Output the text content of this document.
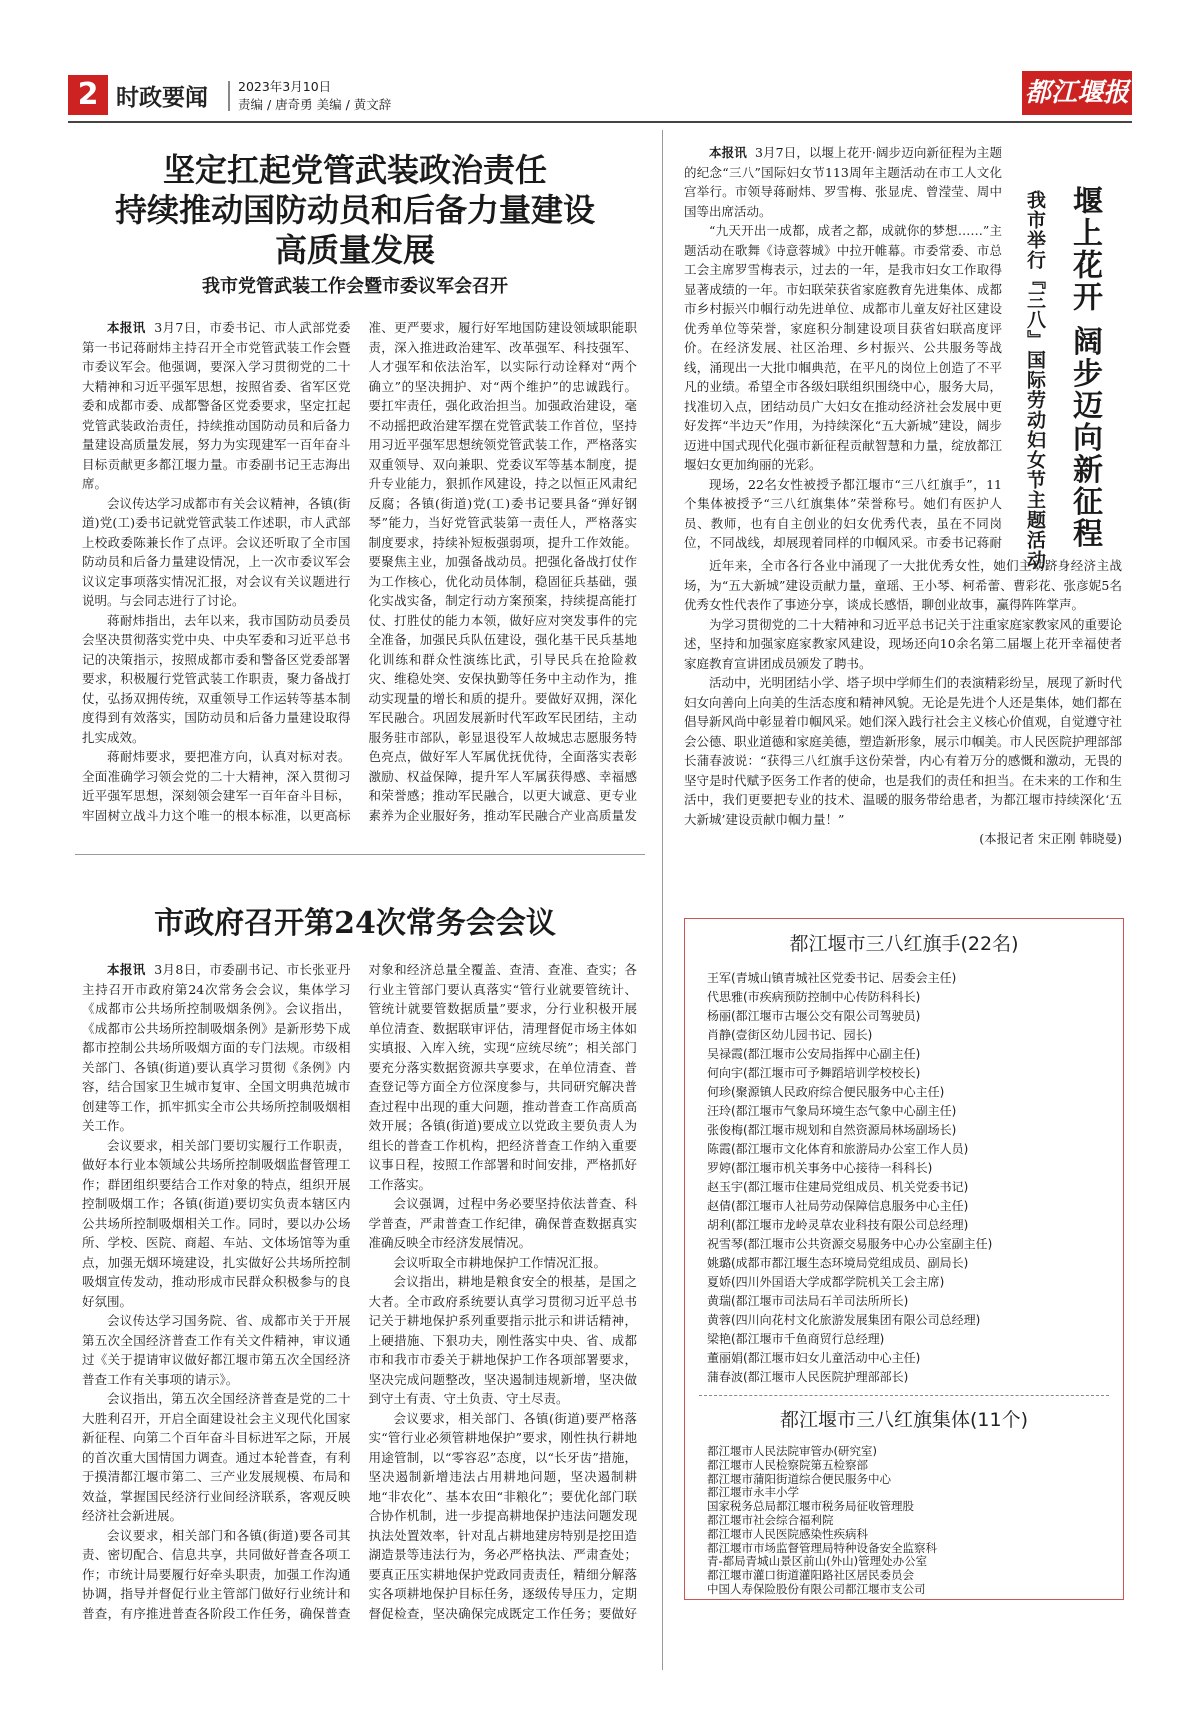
2 时政要闻 2023年3月10日
责编 / 唐奇勇 美编 / 黄文辞	都江堰报
坚定扛起党管武装政治责任
持续推动国防动员和后备力量建设
高质量发展
我市党管武装工作会暨市委议军会召开

本报讯 3月7日，市委书记、市人武部党委第一书记蒋耐炜主持召开全市党管武装工作会暨市委议军会。他强调，要深入学习贯彻党的二十大精神和习近平强军思想，按照省委、省军区党委和成都市委、成都警备区党委要求，坚定扛起党管武装政治责任，持续推动国防动员和后备力量建设高质量发展，努力为实现建军一百年奋斗目标贡献更多都江堰力量。市委副书记王志海出席。

会议传达学习成都市有关会议精神，各镇(街道)党(工)委书记就党管武装工作述职，市人武部上校政委陈兼长作了点评。会议还听取了全市国防动员和后备力量建设情况，上一次市委议军会议议定事项落实情况汇报，对会议有关议题进行说明。与会同志进行了讨论。

蒋耐炜指出，去年以来，我市国防动员委员会坚决贯彻落实党中央、中央军委和习近平总书记的决策指示，按照成都市委和警备区党委部署要求，积极履行党管武装工作职责，聚力备战打仗，弘扬双拥传统，双重领导工作运转等基本制度得到有效落实，国防动员和后备力量建设取得扎实成效。

蒋耐炜要求，要把准方向，认真对标对表。全面准确学习领会党的二十大精神，深入贯彻习近平强军思想，深刻领会建军一百年奋斗目标，牢固树立战斗力这个唯一的根本标准，以更高标准、更严要求，履行好军地国防建设领域职能职责，深入推进政治建军、改革强军、科技强军、人才强军和依法治军，以实际行动诠释对“两个确立”的坚决拥护、对“两个维护”的忠诚践行。要扛牢责任，强化政治担当。加强政治建设，毫不动摇把政治建军摆在党管武装工作首位，坚持用习近平强军思想统领党管武装工作，严格落实双重领导、双向兼职、党委议军等基本制度，提升专业能力，狠抓作风建设，持之以恒正风肃纪反腐；各镇(街道)党(工)委书记要具备“弹好钢琴”能力，当好党管武装第一责任人，严格落实制度要求，持续补短板强弱项，提升工作效能。要聚焦主业，加强备战动员。把强化备战打仗作为工作核心，优化动员体制，稳固征兵基础，强化实战实备，制定行动方案预案，持续提高能打仗、打胜仗的能力本领，做好应对突发事件的完全准备，加强民兵队伍建设，强化基干民兵基地化训练和群众性演练比武，引导民兵在抢险救灾、维稳处突、安保执勤等任务中主动作为，推动实现量的增长和质的提升。要做好双拥，深化军民融合。巩固发展新时代军政军民团结，主动服务驻市部队，彰显退役军人故城忠志愿服务特色亮点，做好军人军属优抚优待，全面落实表彰激励、权益保障，提升军人军属获得感、幸福感和荣誉感；推动军民融合，以更大诚意、更专业素养为企业服好务，推动军民融合产业高质量发

市政府召开第24次常务会会议

本报讯 3月8日，市委副书记、市长张亚丹主持召开市政府第24次常务会会议，集体学习《成都市公共场所控制吸烟条例》。会议指出，《成都市公共场所控制吸烟条例》是新形势下成都市控制公共场所吸烟方面的专门法规。市级相关部门、各镇(街道)要认真学习贯彻《条例》内容，结合国家卫生城市复审、全国文明典范城市创建等工作，抓牢抓实全市公共场所控制吸烟相关工作。

会议要求，相关部门要切实履行工作职责，做好本行业本领域公共场所控制吸烟监督管理工作；群团组织要结合工作对象的特点，组织开展控制吸烟工作；各镇(街道)要切实负责本辖区内公共场所控制吸烟相关工作。同时，要以办公场所、学校、医院、商超、车站、文体场馆等为重点，加强无烟环境建设，扎实做好公共场所控制吸烟宣传发动，推动形成市民群众积极参与的良好氛围。

会议传达学习国务院、省、成都市关于开展第五次全国经济普查工作有关文件精神，审议通过《关于提请审议做好都江堰市第五次全国经济普查工作有关事项的请示》。

会议指出，第五次全国经济普查是党的二十大胜利召开，开启全面建设社会主义现代化国家新征程、向第二个百年奋斗目标进军之际，开展的首次重大国情国力调查。通过本轮普查，有利于摸清都江堰市第二、三产业发展规模、布局和效益，掌握国民经济行业间经济联系，客观反映经济社会新进展。

会议要求，相关部门和各镇(街道)要各司其责、密切配合、信息共享，共同做好普查各项工作；市统计局要履行好牵头职责，加强工作沟通协调，指导并督促行业主管部门做好行业统计和普查，有序推进普查各阶段工作任务，确保普查对象和经济总量全覆盖、查清、查准、查实；各行业主管部门要认真落实“管行业就要管统计、管统计就要管数据质量”要求，分行业积极开展单位清查、数据联审评估，清理督促市场主体如实填报、入库入统，实现“应统尽统”；相关部门要充分落实数据资源共享要求，在单位清查、普查登记等方面全方位深度参与，共同研究解决普查过程中出现的重大问题，推动普查工作高质高效开展；各镇(街道)要成立以党政主要负责人为组长的普查工作机构，把经济普查工作纳入重要议事日程，按照工作部署和时间安排，严格抓好工作落实。

会议强调，过程中务必要坚持依法普查、科学普查，严肃普查工作纪律，确保普查数据真实准确反映全市经济发展情况。

会议听取全市耕地保护工作情况汇报。

会议指出，耕地是粮食安全的根基，是国之大者。全市政府系统要认真学习贯彻习近平总书记关于耕地保护系列重要指示批示和讲话精神，上硬措施、下狠功夫，刚性落实中央、省、成都市和我市市委关于耕地保护工作各项部署要求，坚决完成问题整改，坚决遏制违规新增，坚决做到守土有责、守土负责、守土尽责。

会议要求，相关部门、各镇(街道)要严格落实“管行业必须管耕地保护”要求，刚性执行耕地用途管制，以“零容忍”态度，以“长牙齿”措施，坚决遏制新增违法占用耕地问题，坚决遏制耕地“非农化”、基本农田“非粮化”；要优化部门联合协作机制，进一步提高耕地保护违法问题发现执法处置效率，针对乱占耕地建房特别是挖田造湖造景等违法行为，务必严格执法、严肃查处；要真正压实耕地保护党政同责责任，精细分解落实各项耕地保护目标任务，逐级传导压力，定期督促检查，坚决确保完成既定工作任务；要做好

堰上花开 阔步迈向新征程
我市举行『三八』国际劳动妇女节主题活动

本报讯 3月7日，以堰上花开·阔步迈向新征程为主题的纪念“三八”国际妇女节113周年主题活动在市工人文化宫举行。市领导蒋耐炜、罗雪梅、张显虎、曾滢莹、周中国等出席活动。

“九天开出一成都，成者之都，成就你的梦想……”主题活动在歌舞《诗意蓉城》中拉开帷幕。市委常委、市总工会主席罗雪梅表示，过去的一年，是我市妇女工作取得显著成绩的一年。市妇联荣获省家庭教育先进集体、成都市乡村振兴巾帼行动先进单位、成都市儿童友好社区建设优秀单位等荣誉，家庭积分制建设项目获省妇联高度评价。在经济发展、社区治理、乡村振兴、公共服务等战线，涌现出一大批巾帼典范，在平凡的岗位上创造了不平凡的业绩。希望全市各级妇联组织围绕中心，服务大局，找准切入点，团结动员广大妇女在推动经济社会发展中更好发挥“半边天”作用，为持续深化“五大新城”建设，阔步迈进中国式现代化强市新征程贡献智慧和力量，绽放都江堰妇女更加绚丽的光彩。

现场，22名女性被授予都江堰市“三八红旗手”，11个集体被授予“三八红旗集体”荣誉称号。她们有医护人员、教师，也有自主创业的妇女优秀代表，虽在不同岗位，不同战线，却展现着同样的巾帼风采。市委书记蒋耐

近年来，全市各行各业中涌现了一大批优秀女性，她们主动跻身经济主战场，为“五大新城”建设贡献力量，童瑶、王小琴、柯希蕾、曹彩花、张彦妮5名优秀女性代表作了事迹分享，谈成长感悟，聊创业故事，赢得阵阵掌声。

为学习贯彻党的二十大精神和习近平总书记关于注重家庭家教家风的重要论述，坚持和加强家庭家教家风建设，现场还向10余名第二届堰上花开幸福使者家庭教育宣讲团成员颁发了聘书。

活动中，光明团结小学、塔子坝中学师生们的表演精彩纷呈，展现了新时代妇女向善向上向美的生活态度和精神风貌。无论是先进个人还是集体，她们都在倡导新风尚中彰显着巾帼风采。她们深入践行社会主义核心价值观，自觉遵守社会公德、职业道德和家庭美德，塑造新形象，展示巾帼美。市人民医院护理部部长蒲春波说：“获得三八红旗手这份荣誉，内心有着万分的感慨和激动，无畏的坚守是时代赋予医务工作者的使命，也是我们的责任和担当。在未来的工作和生活中，我们更要把专业的技术、温暖的服务带给患者，为都江堰市持续深化‘五大新城’建设贡献巾帼力量！”

(本报记者 宋正刚 韩晓曼)

都江堰市三八红旗手(22名)
王军(青城山镇青城社区党委书记、居委会主任)
代思雅(市疾病预防控制中心传防科科长)
杨丽(都江堰市古堰公交有限公司驾驶员)
肖静(壹街区幼儿园书记、园长)
吴禄霞(都江堰市公安局指挥中心副主任)
何向宇(都江堰市可予舞蹈培训学校校长)
何珍(聚源镇人民政府综合便民服务中心主任)
汪玲(都江堰市气象局环境生态气象中心副主任)
张俊梅(都江堰市规划和自然资源局林场副场长)
陈霞(都江堰市文化体育和旅游局办公室工作人员)
罗婷(都江堰市机关事务中心接待一科科长)
赵玉宇(都江堰市住建局党组成员、机关党委书记)
赵倩(都江堰市人社局劳动保障信息服务中心主任)
胡利(都江堰市龙岭灵草农业科技有限公司总经理)
祝雪琴(都江堰市公共资源交易服务中心办公室副主任)
姚璐(成都市都江堰生态环境局党组成员、副局长)
夏娇(四川外国语大学成都学院机关工会主席)
黄瑞(都江堰市司法局石羊司法所所长)
黄蓉(四川向花村文化旅游发展集团有限公司总经理)
梁艳(都江堰市千鱼商贸行总经理)
董丽娟(都江堰市妇女儿童活动中心主任)
蒲春波(都江堰市人民医院护理部部长)
都江堰市三八红旗集体(11个)
都江堰市人民法院审管办(研究室)
都江堰市人民检察院第五检察部
都江堰市蒲阳街道综合便民服务中心
都江堰市永丰小学
国家税务总局都江堰市税务局征收管理股
都江堰市社会综合福利院
都江堰市人民医院感染性疾病科
都江堰市市场监督管理局特种设备安全监察科
青-都局青城山景区前山(外山)管理处办公室
都江堰市灌口街道灌阳路社区居民委员会
中国人寿保险股份有限公司都江堰市支公司
